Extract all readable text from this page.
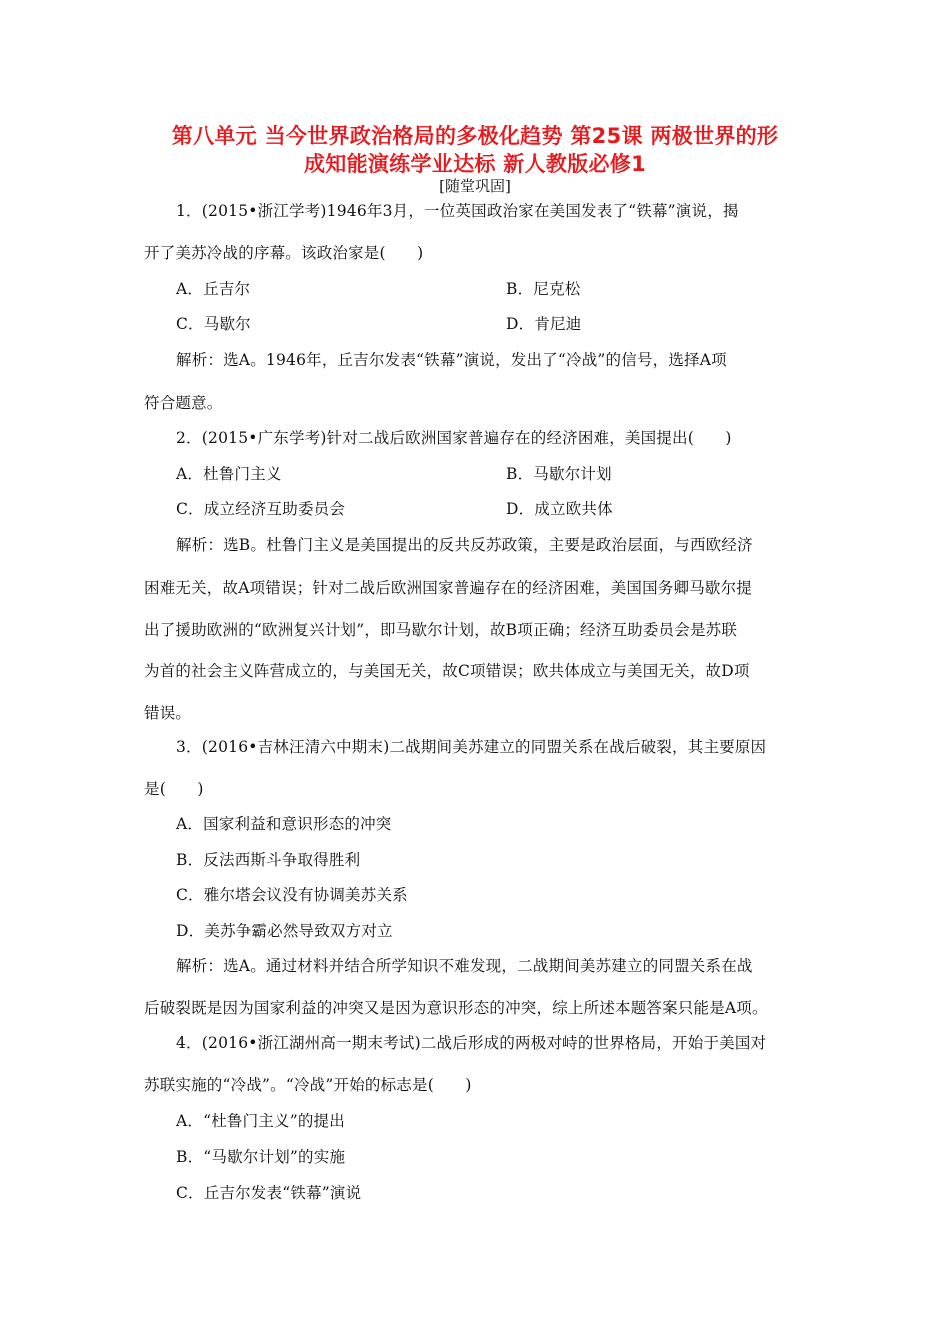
第八单元 当今世界政治格局的多极化趋势 第25课 两极世界的形
成知能演练学业达标 新人教版必修1
[随堂巩固]
1．(2015•浙江学考)1946年3月，一位英国政治家在美国发表了“铁幕”演说，揭
开了美苏冷战的序幕。该政治家是(　　)
A．丘吉尔	B．尼克松
C．马歇尔	D．肯尼迪
解析：选A。1946年，丘吉尔发表“铁幕”演说，发出了“冷战”的信号，选择A项
符合题意。
2．(2015•广东学考)针对二战后欧洲国家普遍存在的经济困难，美国提出(　　)
A．杜鲁门主义	B．马歇尔计划
C．成立经济互助委员会	D．成立欧共体
解析：选B。杜鲁门主义是美国提出的反共反苏政策，主要是政治层面，与西欧经济
困难无关，故A项错误；针对二战后欧洲国家普遍存在的经济困难，美国国务卿马歇尔提
出了援助欧洲的“欧洲复兴计划”，即马歇尔计划，故B项正确；经济互助委员会是苏联
为首的社会主义阵营成立的，与美国无关，故C项错误；欧共体成立与美国无关，故D项
错误。
3．(2016•吉林汪清六中期末)二战期间美苏建立的同盟关系在战后破裂，其主要原因
是(　　)
A．国家利益和意识形态的冲突
B．反法西斯斗争取得胜利
C．雅尔塔会议没有协调美苏关系
D．美苏争霸必然导致双方对立
解析：选A。通过材料并结合所学知识不难发现，二战期间美苏建立的同盟关系在战
后破裂既是因为国家利益的冲突又是因为意识形态的冲突，综上所述本题答案只能是A项。
4．(2016•浙江湖州高一期末考试)二战后形成的两极对峙的世界格局，开始于美国对
苏联实施的“冷战”。“冷战”开始的标志是(　　)
A．“杜鲁门主义”的提出
B．“马歇尔计划”的实施
C．丘吉尔发表“铁幕”演说
